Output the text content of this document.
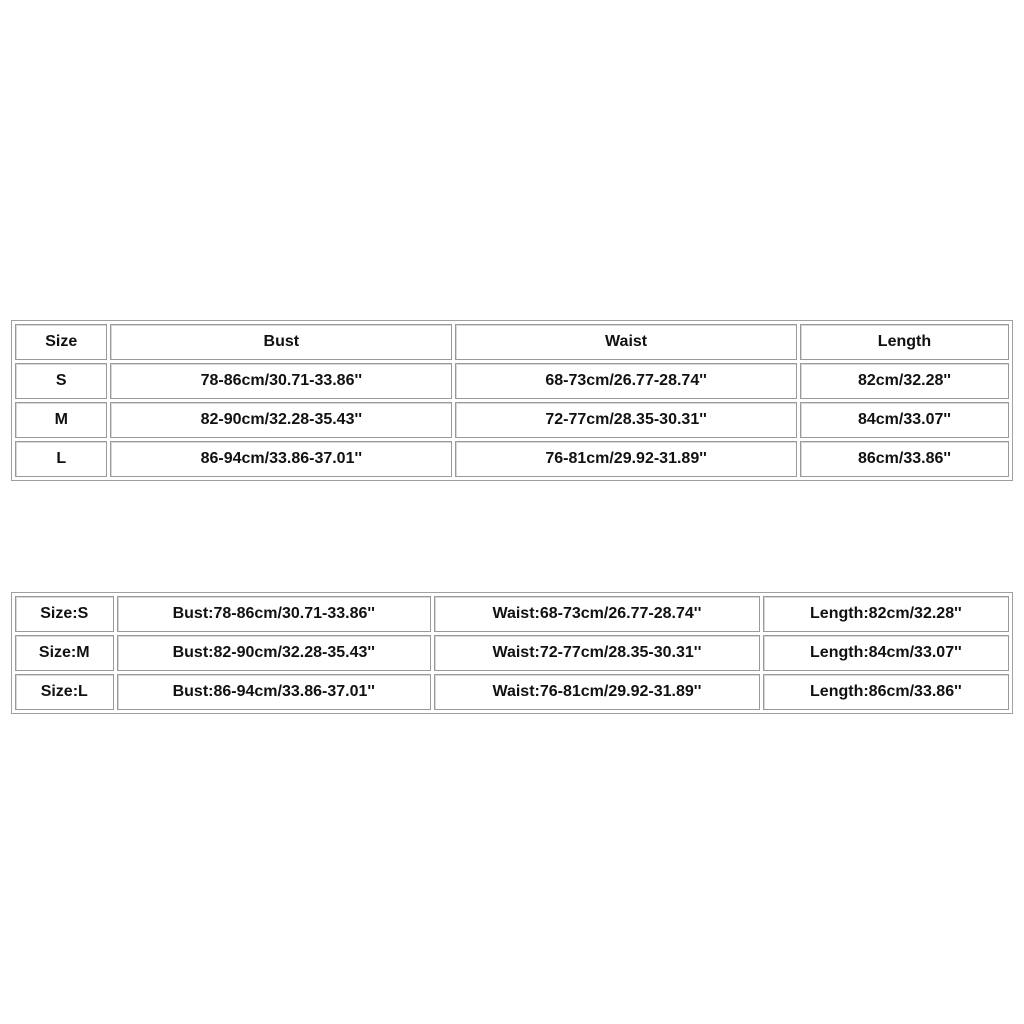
Size	Bust	Waist	Length
S	78-86cm/30.71-33.86''	68-73cm/26.77-28.74''	82cm/32.28''
M	82-90cm/32.28-35.43''	72-77cm/28.35-30.31''	84cm/33.07''
L	86-94cm/33.86-37.01''	76-81cm/29.92-31.89''	86cm/33.86''
Size:S	Bust:78-86cm/30.71-33.86''	Waist:68-73cm/26.77-28.74''	Length:82cm/32.28''
Size:M	Bust:82-90cm/32.28-35.43''	Waist:72-77cm/28.35-30.31''	Length:84cm/33.07''
Size:L	Bust:86-94cm/33.86-37.01''	Waist:76-81cm/29.92-31.89''	Length:86cm/33.86''
